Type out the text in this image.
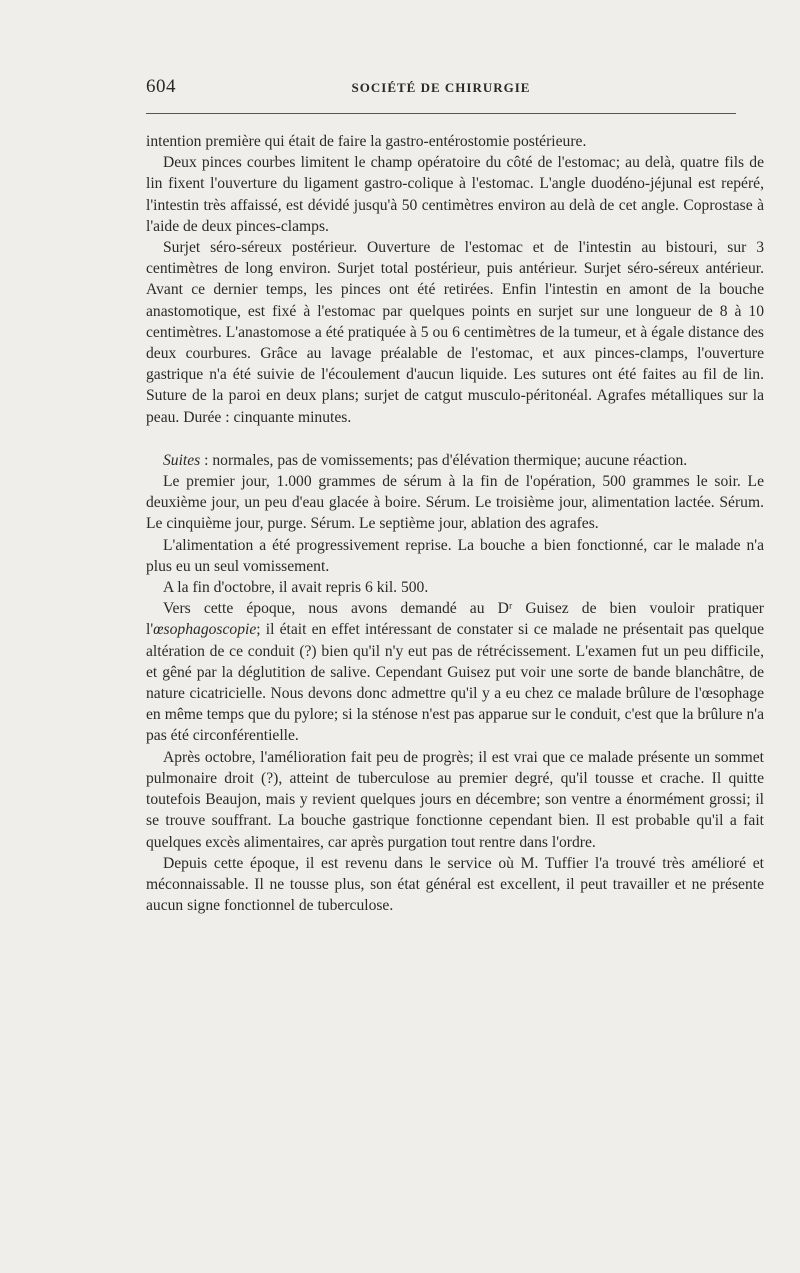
604	SOCIÉTÉ DE CHIRURGIE

intention première qui était de faire la gastro-entérostomie postérieure.

Deux pinces courbes limitent le champ opératoire du côté de l'estomac; au delà, quatre fils de lin fixent l'ouverture du ligament gastro-colique à l'estomac. L'angle duodéno-jéjunal est repéré, l'intestin très affaissé, est dévidé jusqu'à 50 centimètres environ au delà de cet angle. Coprostase à l'aide de deux pinces-clamps.

Surjet séro-séreux postérieur. Ouverture de l'estomac et de l'intestin au bistouri, sur 3 centimètres de long environ. Surjet total postérieur, puis antérieur. Surjet séro-séreux antérieur. Avant ce dernier temps, les pinces ont été retirées. Enfin l'intestin en amont de la bouche anastomotique, est fixé à l'estomac par quelques points en surjet sur une longueur de 8 à 10 centimètres. L'anastomose a été pratiquée à 5 ou 6 centimètres de la tumeur, et à égale distance des deux courbures. Grâce au lavage préalable de l'estomac, et aux pinces-clamps, l'ouverture gastrique n'a été suivie de l'écoulement d'aucun liquide. Les sutures ont été faites au fil de lin. Suture de la paroi en deux plans; surjet de catgut musculo-péritonéal. Agrafes métalliques sur la peau. Durée : cinquante minutes.

Suites : normales, pas de vomissements; pas d'élévation thermique; aucune réaction.

Le premier jour, 1.000 grammes de sérum à la fin de l'opération, 500 grammes le soir. Le deuxième jour, un peu d'eau glacée à boire. Sérum. Le troisième jour, alimentation lactée. Sérum. Le cinquième jour, purge. Sérum. Le septième jour, ablation des agrafes.

L'alimentation a été progressivement reprise. La bouche a bien fonctionné, car le malade n'a plus eu un seul vomissement.

A la fin d'octobre, il avait repris 6 kil. 500.

Vers cette époque, nous avons demandé au Dʳ Guisez de bien vouloir pratiquer l'œsophagoscopie; il était en effet intéressant de constater si ce malade ne présentait pas quelque altération de ce conduit (?) bien qu'il n'y eut pas de rétrécissement. L'examen fut un peu difficile, et gêné par la déglutition de salive. Cependant Guisez put voir une sorte de bande blanchâtre, de nature cicatricielle. Nous devons donc admettre qu'il y a eu chez ce malade brûlure de l'œsophage en même temps que du pylore; si la sténose n'est pas apparue sur le conduit, c'est que la brûlure n'a pas été circonférentielle.

Après octobre, l'amélioration fait peu de progrès; il est vrai que ce malade présente un sommet pulmonaire droit (?), atteint de tuberculose au premier degré, qu'il tousse et crache. Il quitte toutefois Beaujon, mais y revient quelques jours en décembre; son ventre a énormément grossi; il se trouve souffrant. La bouche gastrique fonctionne cependant bien. Il est probable qu'il a fait quelques excès alimentaires, car après purgation tout rentre dans l'ordre.

Depuis cette époque, il est revenu dans le service où M. Tuffier l'a trouvé très amélioré et méconnaissable. Il ne tousse plus, son état général est excellent, il peut travailler et ne présente aucun signe fonctionnel de tuberculose.
